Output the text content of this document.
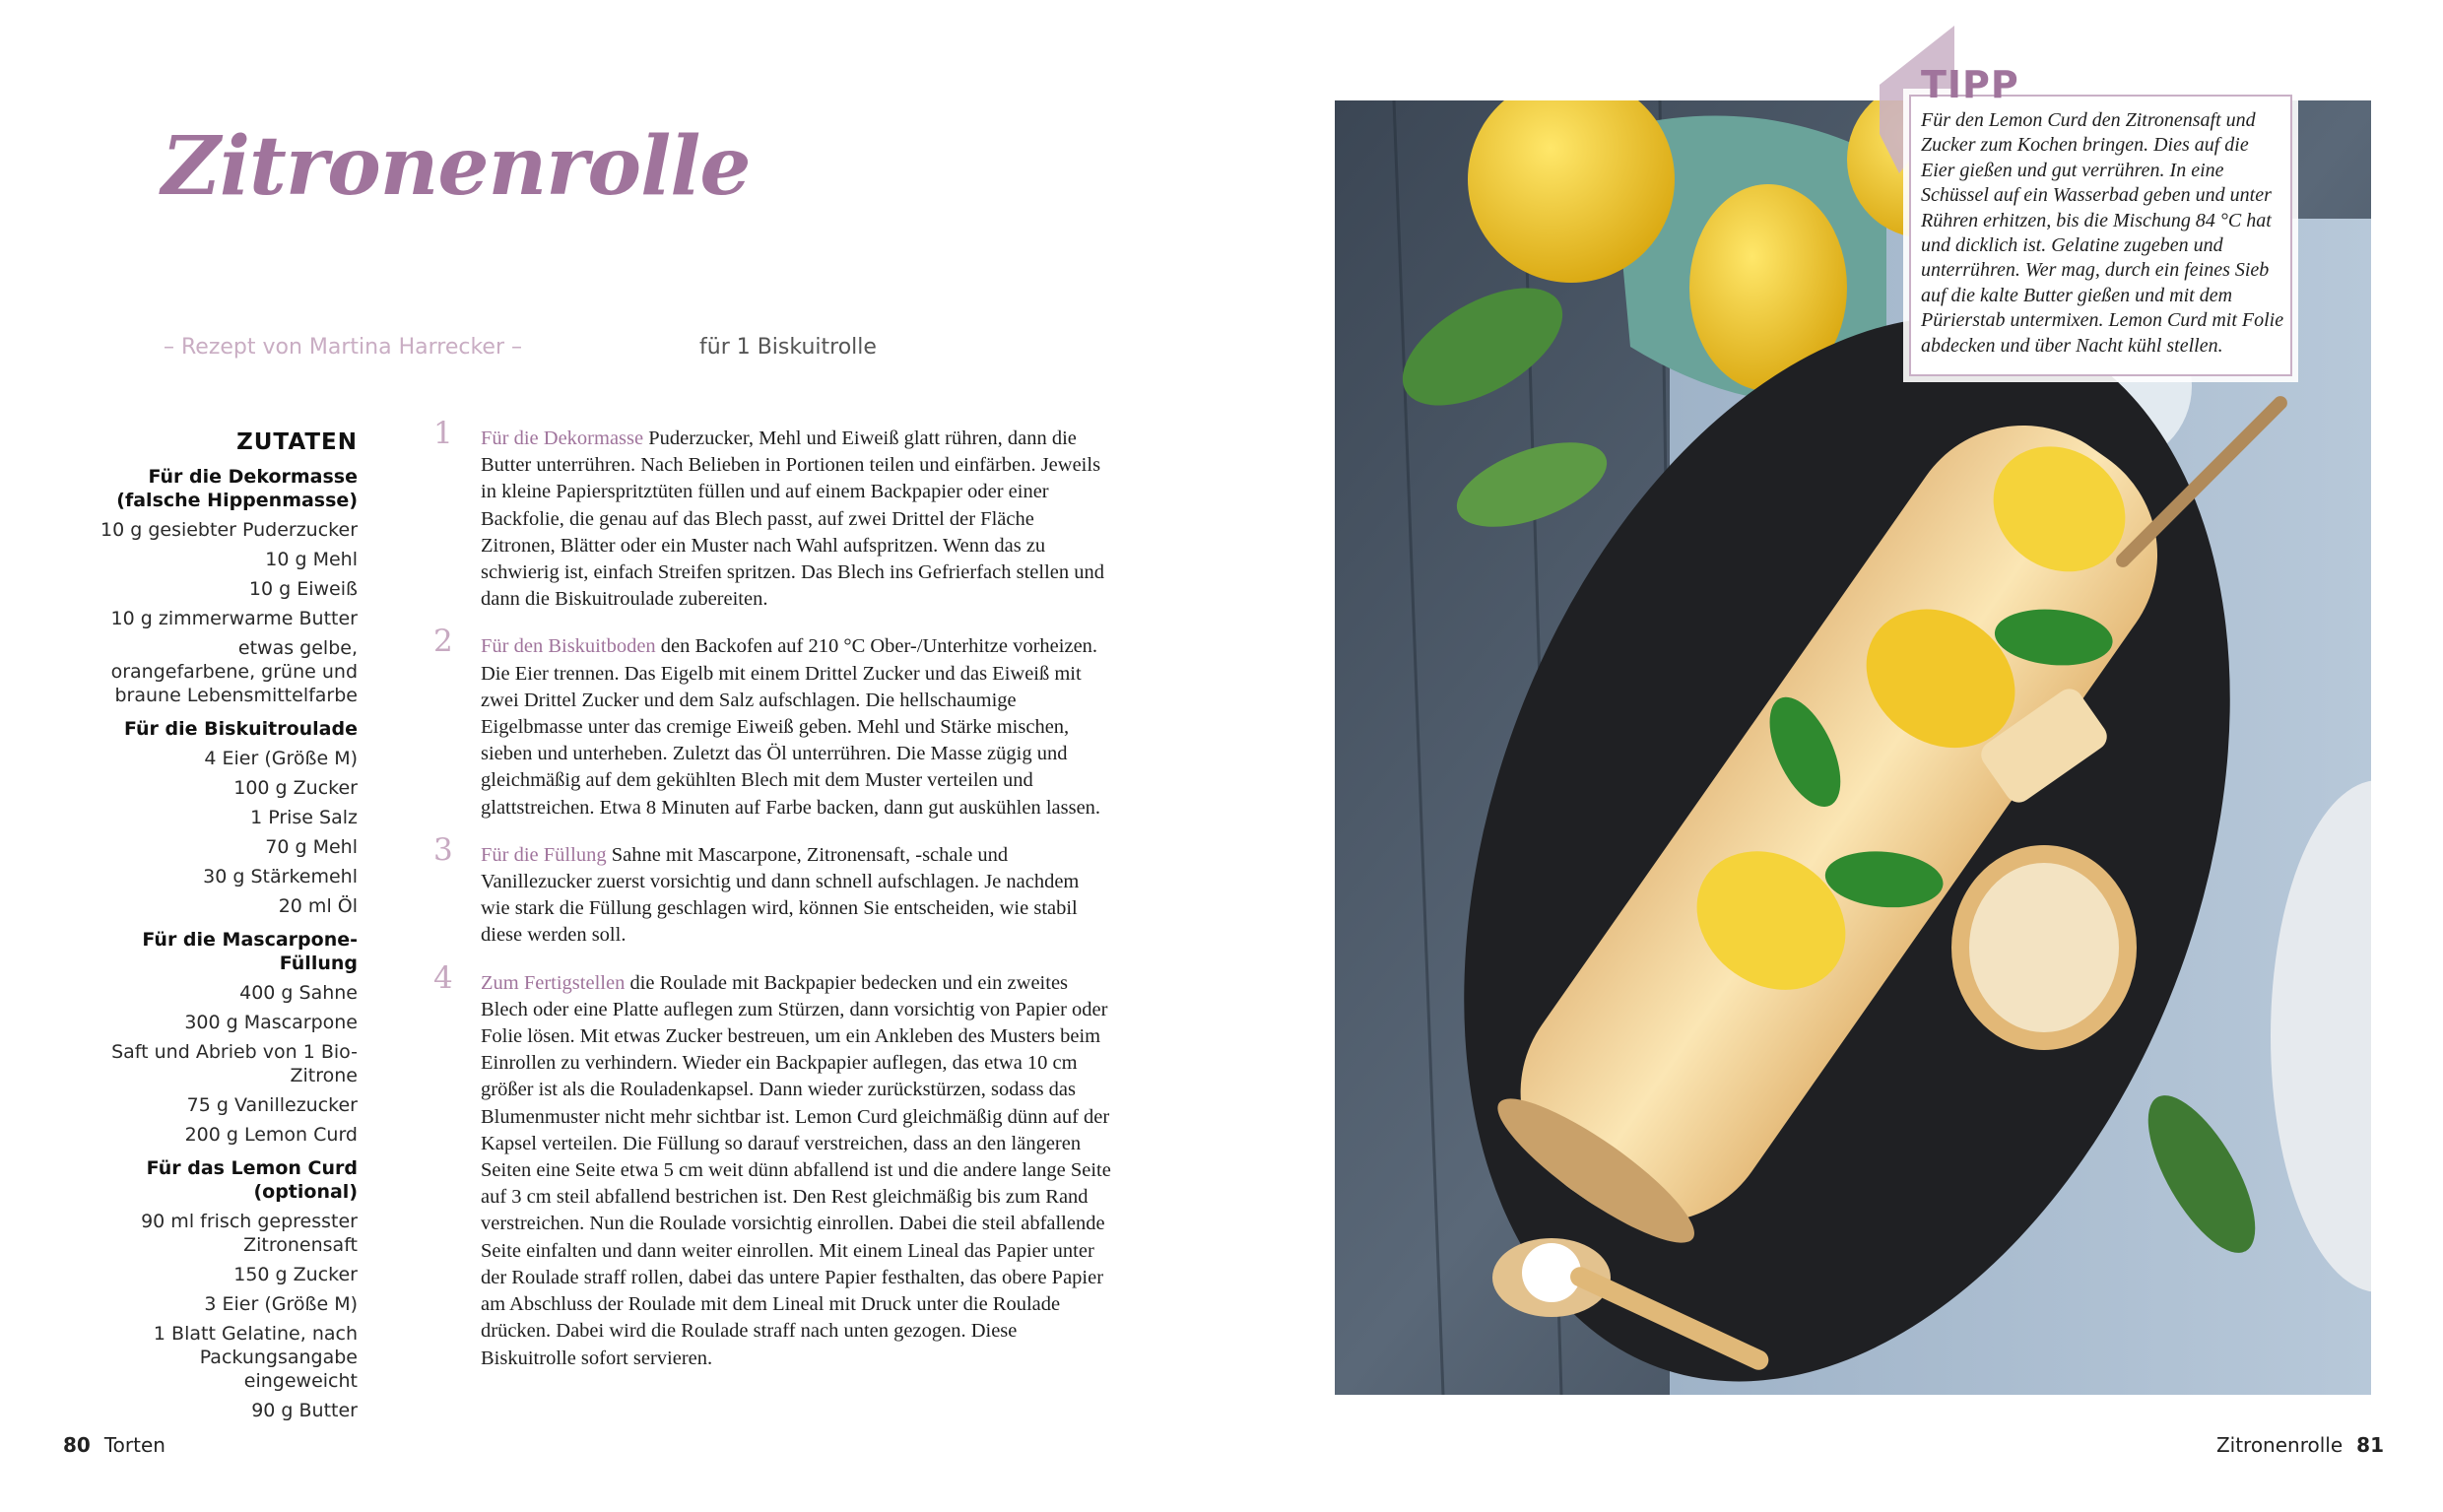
Zitronenrolle
– Rezept von Martina Harrecker –	für 1 Biskuitrolle
ZUTATEN
Für die Dekormasse (falsche Hippenmasse)
10 g gesiebter Puderzucker
10 g Mehl
10 g Eiweiß
10 g zimmerwarme Butter
etwas gelbe, orangefarbene, grüne und braune Lebensmittelfarbe
Für die Biskuitroulade
4 Eier (Größe M)
100 g Zucker
1 Prise Salz
70 g Mehl
30 g Stärkemehl
20 ml Öl
Für die Mascarpone-Füllung
400 g Sahne
300 g Mascarpone
Saft und Abrieb von 1 Bio-Zitrone
75 g Vanillezucker
200 g Lemon Curd
Für das Lemon Curd (optional)
90 ml frisch gepresster Zitronensaft
150 g Zucker
3 Eier (Größe M)
1 Blatt Gelatine, nach Packungsangabe eingeweicht
90 g Butter
1 Für die Dekormasse Puderzucker, Mehl und Eiweiß glatt rühren, dann die Butter unterrühren. Nach Belieben in Portionen teilen und einfärben. Jeweils in kleine Papierspritztüten füllen und auf einem Backpapier oder einer Backfolie, die genau auf das Blech passt, auf zwei Drittel der Fläche Zitronen, Blätter oder ein Muster nach Wahl aufspritzen. Wenn das zu schwierig ist, einfach Streifen spritzen. Das Blech ins Gefrierfach stellen und dann die Biskuitroulade zubereiten.
2 Für den Biskuitboden den Backofen auf 210 °C Ober-/Unterhitze vorheizen. Die Eier trennen. Das Eigelb mit einem Drittel Zucker und das Eiweiß mit zwei Drittel Zucker und dem Salz aufschlagen. Die hellschaumige Eigelbmasse unter das cremige Eiweiß geben. Mehl und Stärke mischen, sieben und unterheben. Zuletzt das Öl unterrühren. Die Masse zügig und gleichmäßig auf dem gekühlten Blech mit dem Muster verteilen und glattstreichen. Etwa 8 Minuten auf Farbe backen, dann gut auskühlen lassen.
3 Für die Füllung Sahne mit Mascarpone, Zitronensaft, -schale und Vanillezucker zuerst vorsichtig und dann schnell aufschlagen. Je nachdem wie stark die Füllung geschlagen wird, können Sie entscheiden, wie stabil diese werden soll.
4 Zum Fertigstellen die Roulade mit Backpapier bedecken und ein zweites Blech oder eine Platte auflegen zum Stürzen, dann vorsichtig von Papier oder Folie lösen. Mit etwas Zucker bestreuen, um ein Ankleben des Musters beim Einrollen zu verhindern. Wieder ein Backpapier auflegen, das etwa 10 cm größer ist als die Rouladenkapsel. Dann wieder zurückstürzen, sodass das Blumenmuster nicht mehr sichtbar ist. Lemon Curd gleichmäßig dünn auf der Kapsel verteilen. Die Füllung so darauf verstreichen, dass an den längeren Seiten eine Seite etwa 5 cm weit dünn abfallend ist und die andere lange Seite auf 3 cm steil abfallend bestrichen ist. Den Rest gleichmäßig bis zum Rand verstreichen. Nun die Roulade vorsichtig einrollen. Dabei die steil abfallende Seite einfalten und dann weiter einrollen. Mit einem Lineal das Papier unter der Roulade straff rollen, dabei das untere Papier festhalten, das obere Papier am Abschluss der Roulade mit dem Lineal mit Druck unter die Roulade drücken. Dabei wird die Roulade straff nach unten gezogen. Diese Biskuitrolle sofort servieren.
80 Torten	Zitronenrolle 81
TIPP
Für den Lemon Curd den Zitronensaft und Zucker zum Kochen bringen. Dies auf die Eier gießen und gut verrühren. In eine Schüssel auf ein Wasserbad geben und unter Rühren erhitzen, bis die Mischung 84 °C hat und dicklich ist. Gelatine zugeben und unterrühren. Wer mag, durch ein feines Sieb auf die kalte Butter gießen und mit dem Pürierstab untermixen. Lemon Curd mit Folie abdecken und über Nacht kühl stellen.
